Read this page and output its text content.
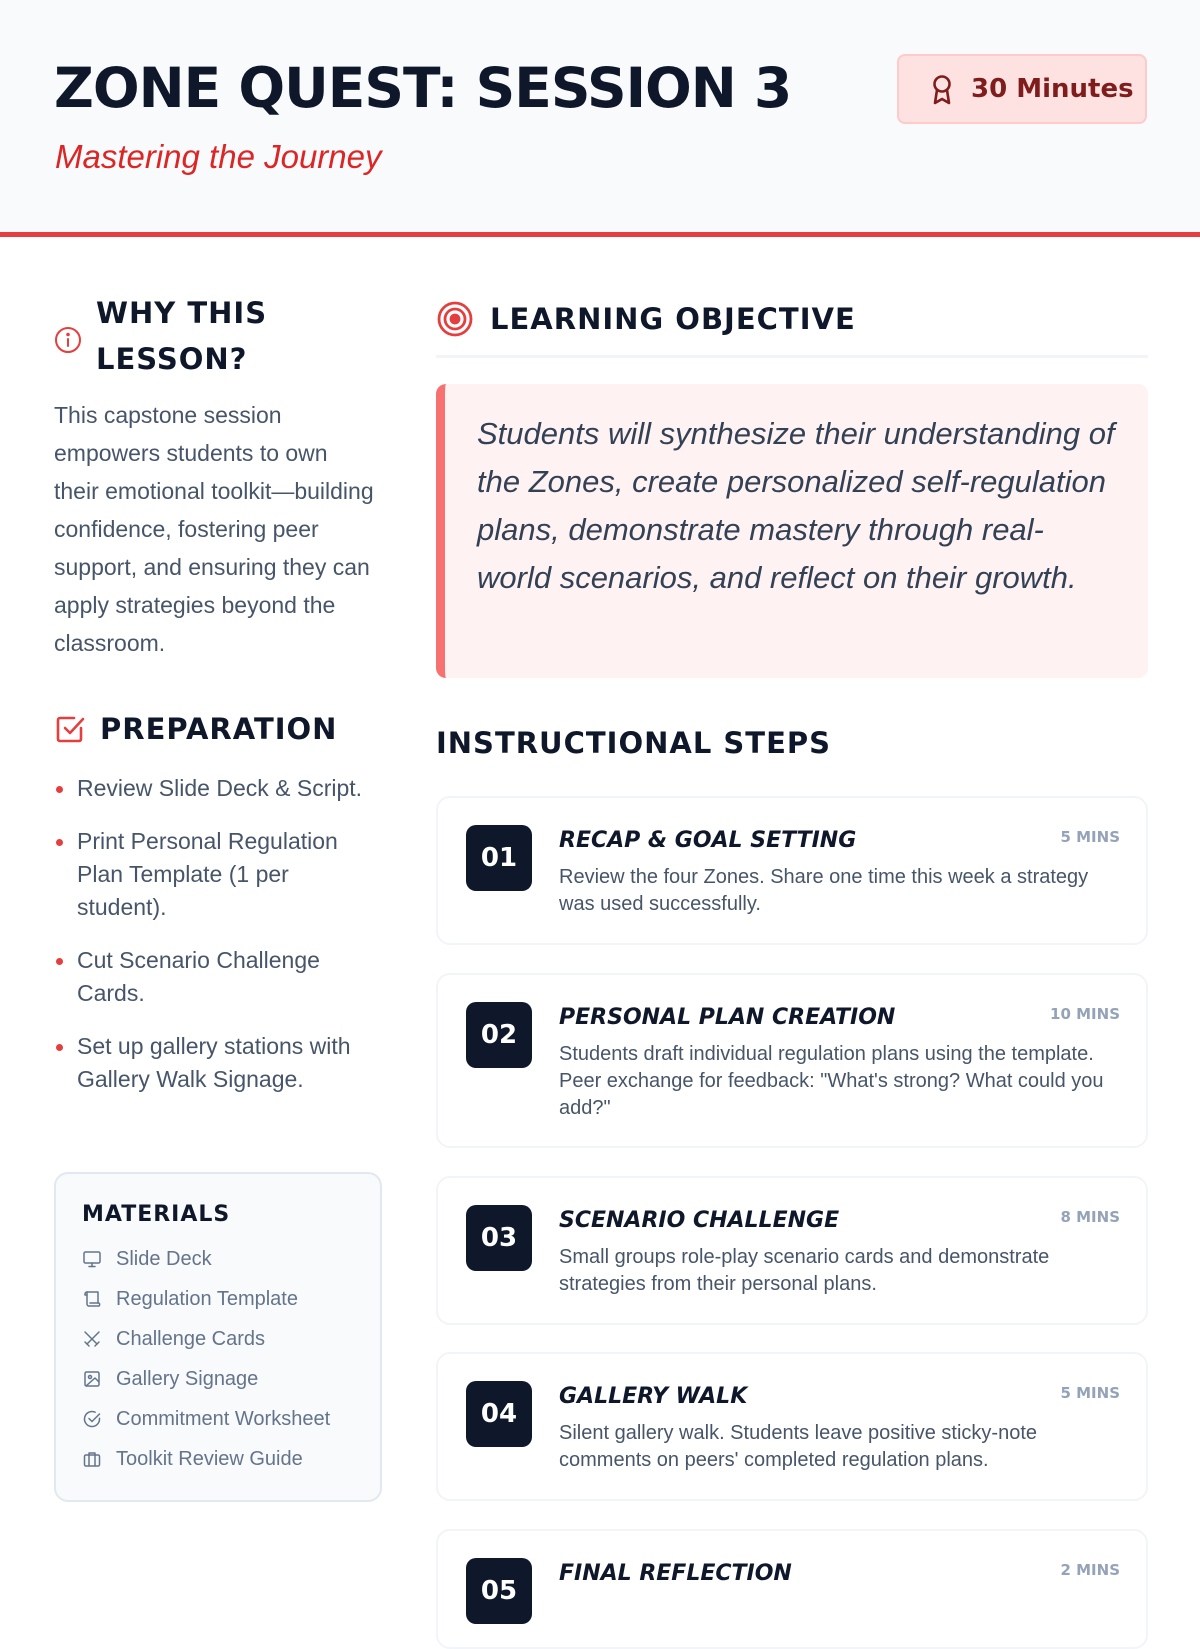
ZONE QUEST: SESSION 3
Mastering the Journey
30 Minutes
WHY THIS
LESSON?

This capstone session empowers students to own their emotional toolkit—building confidence, fostering peer support, and ensuring they can apply strategies beyond the classroom.

PREPARATION
Review Slide Deck & Script.
Print Personal Regulation Plan Template (1 per student).
Cut Scenario Challenge Cards.
Set up gallery stations with Gallery Walk Signage.
MATERIALS
Slide Deck
Regulation Template
Challenge Cards
Gallery Signage
Commitment Worksheet
Toolkit Review Guide
LEARNING OBJECTIVE

Students will synthesize their understanding of the Zones, create personalized self-regulation plans, demonstrate mastery through real-world scenarios, and reflect on their growth.

INSTRUCTIONAL STEPS
01
RECAP & GOAL SETTING	5 MINS
Review the four Zones. Share one time this week a strategy was used successfully.
02
PERSONAL PLAN CREATION	10 MINS
Students draft individual regulation plans using the template. Peer exchange for feedback: "What's strong? What could you add?"
03
SCENARIO CHALLENGE	8 MINS
Small groups role-play scenario cards and demonstrate strategies from their personal plans.
04
GALLERY WALK	5 MINS
Silent gallery walk. Students leave positive sticky-note comments on peers' completed regulation plans.
05
FINAL REFLECTION	2 MINS
